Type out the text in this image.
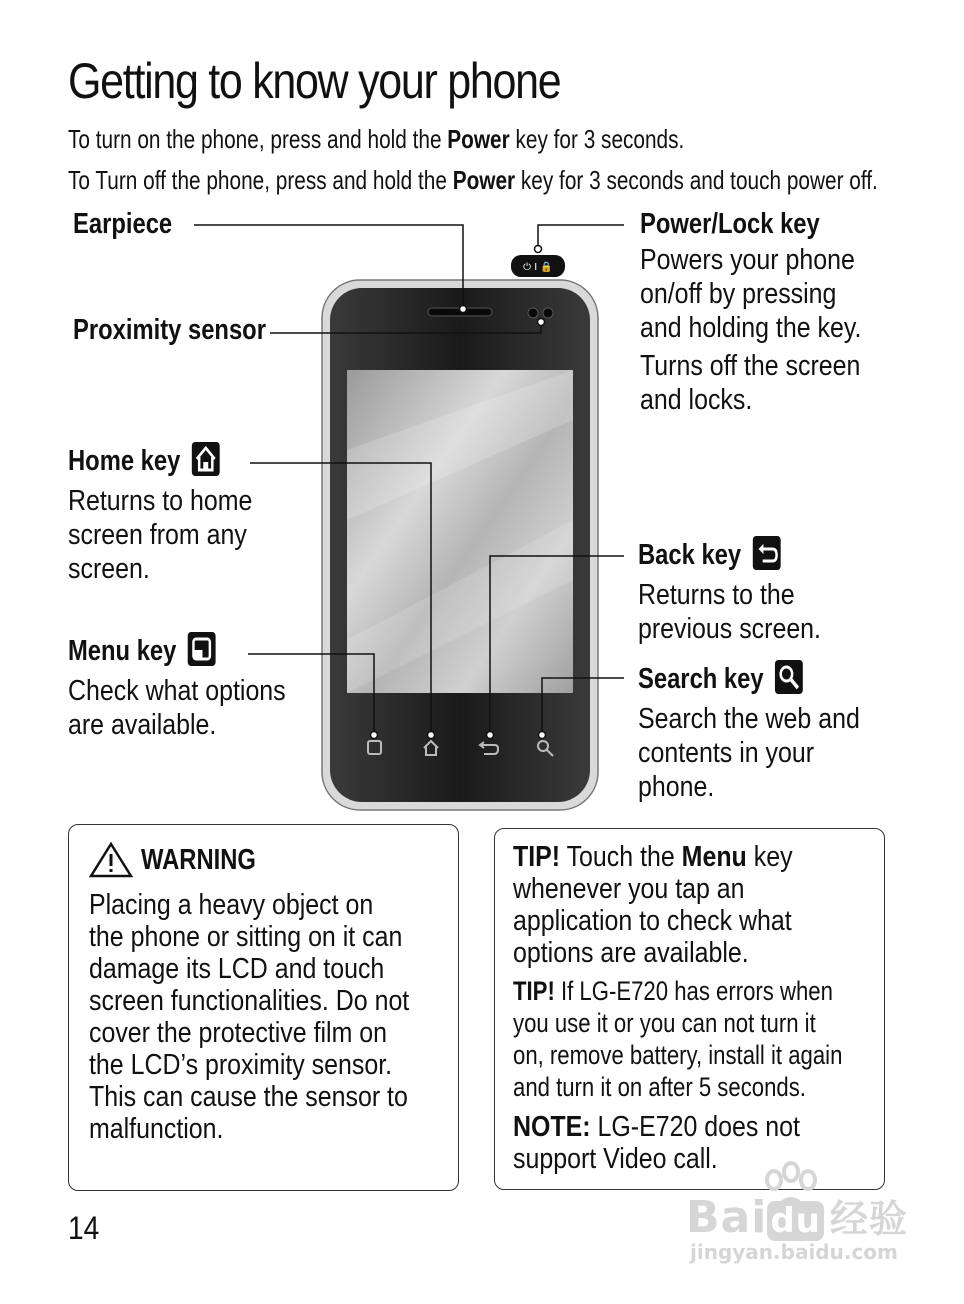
Getting to know your phone
To turn on the phone, press and hold the Power key for 3 seconds.
To Turn off the phone, press and hold the Power key for 3 seconds and touch power off.
⏻ I 🔒
Earpiece
Proximity sensor
Home key
Returns to home
screen from any
screen.
Menu key
Check what options
are available.
Power/Lock key
Powers your phone
on/off by pressing
and holding the key.
Turns off the screen
and locks.
Back key
Returns to the
previous screen.
Search key
Search the web and
contents in your
phone.
WARNING
Placing a heavy object on
the phone or sitting on it can
damage its LCD and touch
screen functionalities. Do not
cover the protective film on
the LCD’s proximity sensor.
This can cause the sensor to
malfunction.
TIP! Touch the Menu key
whenever you tap an
application to check what
options are available.
TIP! If LG-E720 has errors when
you use it or you can not turn it
on, remove battery, install it again
and turn it on after 5 seconds.
NOTE: LG-E720 does not
support Video call.
14	Baidu 经验
jingyan.baidu.com
